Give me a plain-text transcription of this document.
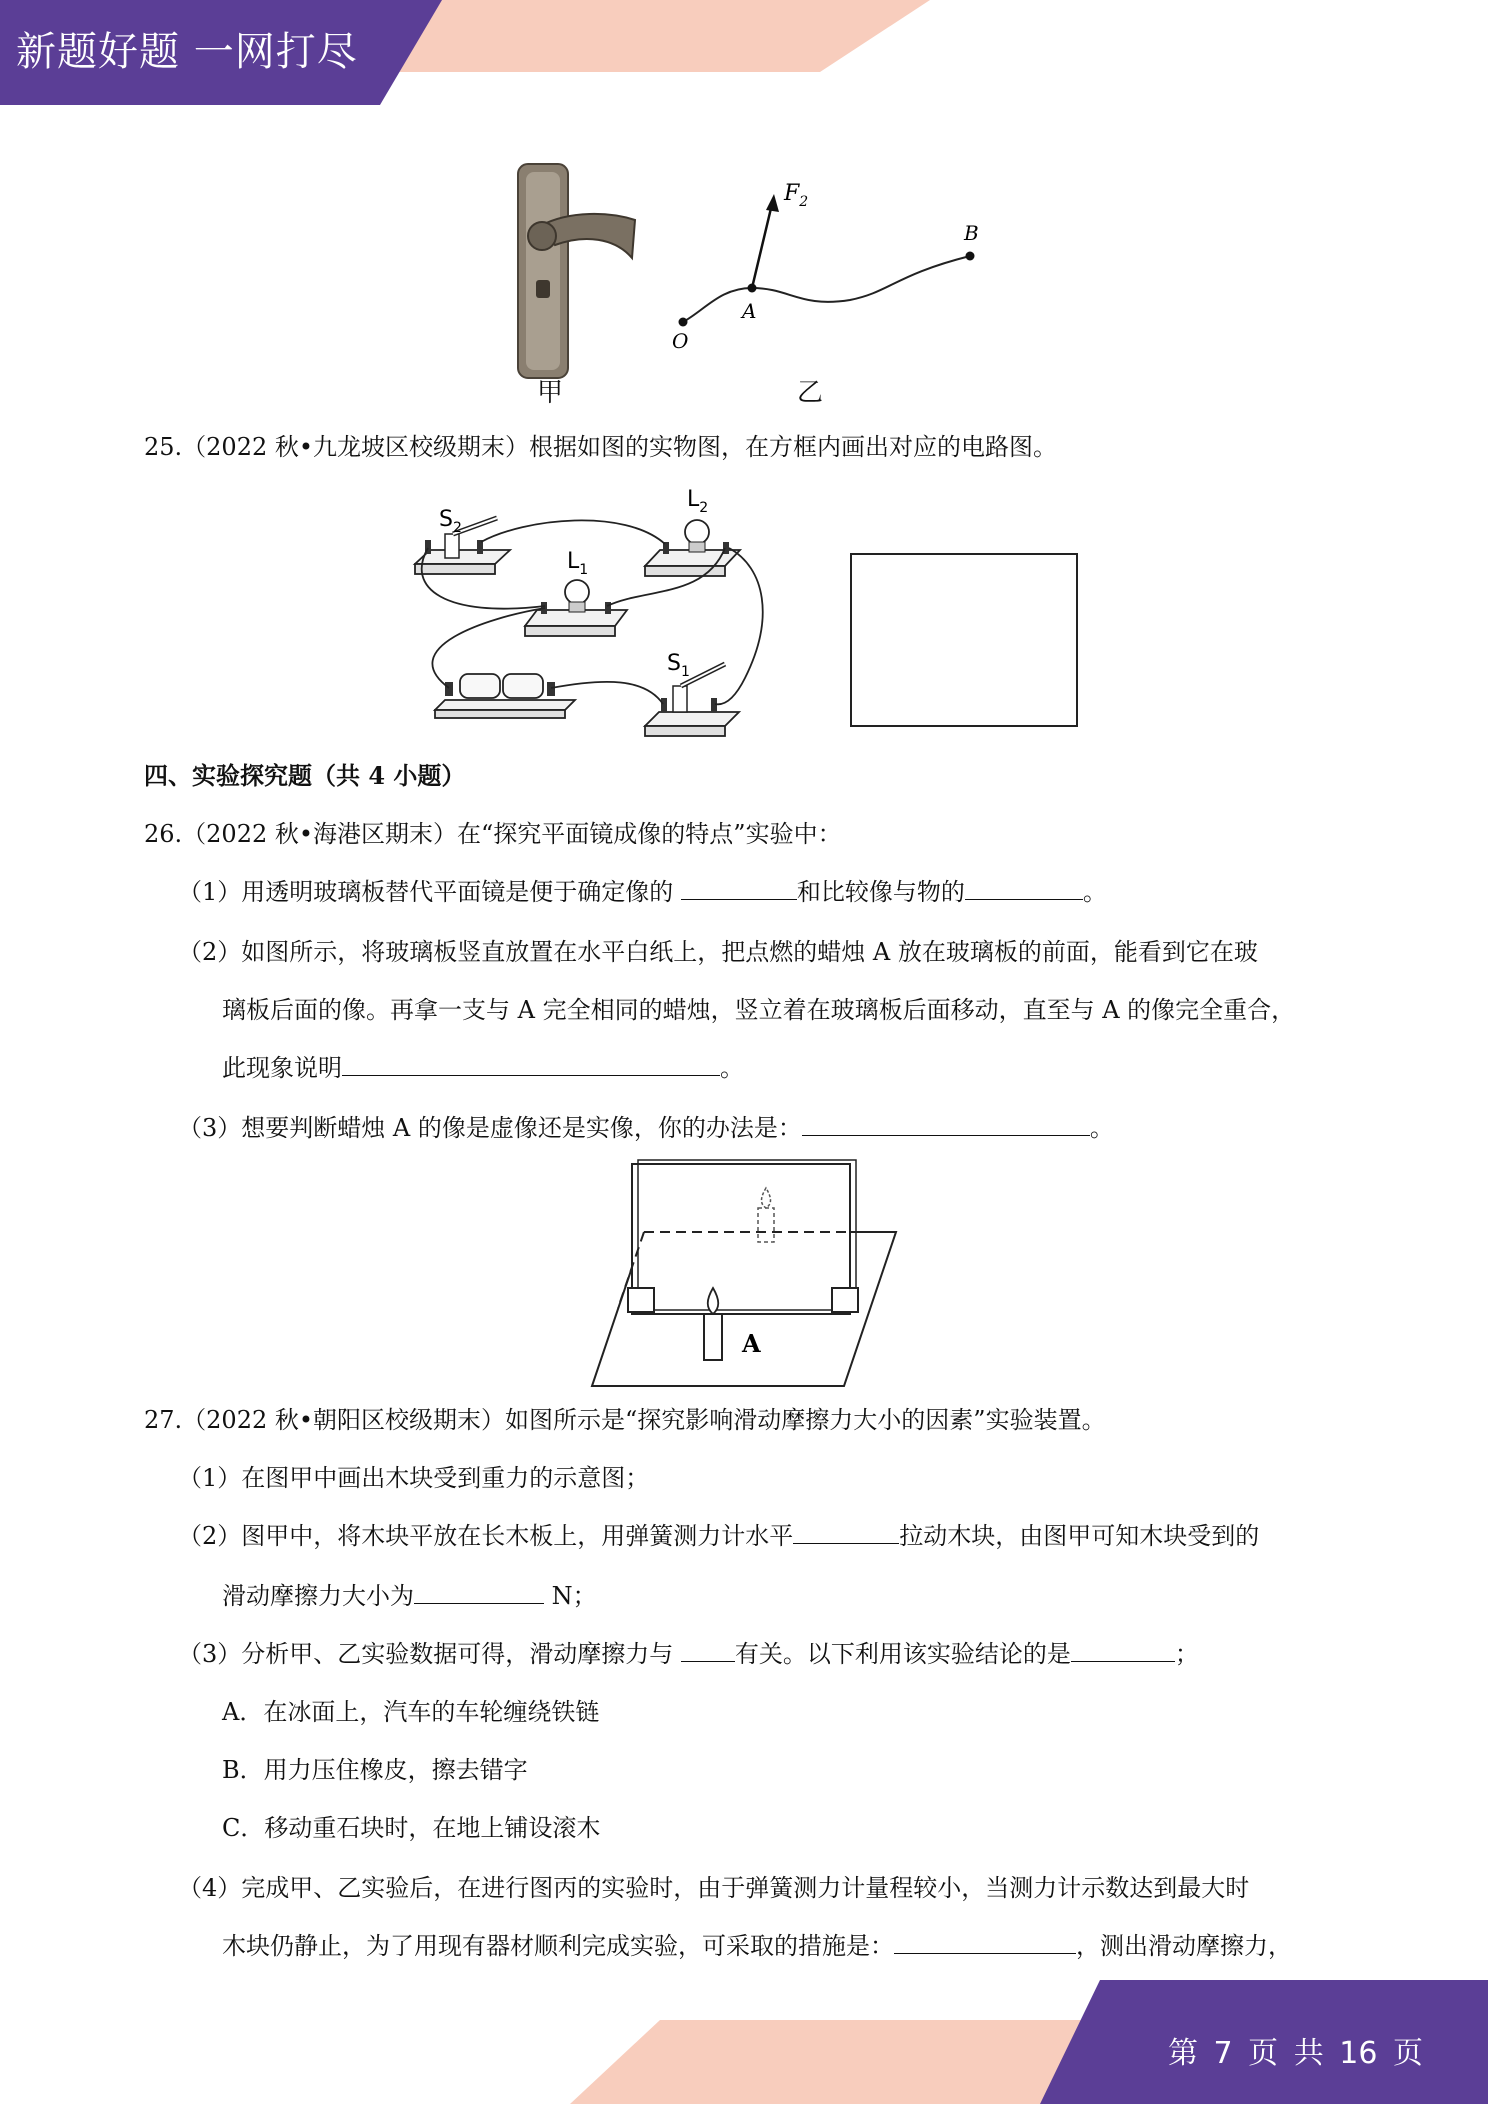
新题好题 一网打尽
第 7 页 共 16 页
$F_2$
A
B
O
甲	乙
25.（2022 秋•九龙坡区校级期末）根据如图的实物图，在方框内画出对应的电路图。
$S_2$
$L_2$
$L_1$
$S_1$
四、实验探究题（共 4 小题）
26.（2022 秋•海港区期末）在“探究平面镜成像的特点”实验中：
（1）用透明玻璃板替代平面镜是便于确定像的	和比较像与物的	。
（2）如图所示，将玻璃板竖直放置在水平白纸上，把点燃的蜡烛 A 放在玻璃板的前面，能看到它在玻
璃板后面的像。再拿一支与 A 完全相同的蜡烛，竖立着在玻璃板后面移动，直至与 A 的像完全重合，
此现象说明	。
（3）想要判断蜡烛 A 的像是虚像还是实像，你的办法是：	。
A
27.（2022 秋•朝阳区校级期末）如图所示是“探究影响滑动摩擦力大小的因素”实验装置。
（1）在图甲中画出木块受到重力的示意图；
（2）图甲中，将木块平放在长木板上，用弹簧测力计水平	拉动木块，由图甲可知木块受到的
滑动摩擦力大小为	N；
（3）分析甲、乙实验数据可得，滑动摩擦力与 有关。以下利用该实验结论的是	；
A．在冰面上，汽车的车轮缠绕铁链
B．用力压住橡皮，擦去错字
C．移动重石块时，在地上铺设滚木
（4）完成甲、乙实验后，在进行图丙的实验时，由于弹簧测力计量程较小，当测力计示数达到最大时
木块仍静止，为了用现有器材顺利完成实验，可采取的措施是：	，测出滑动摩擦力，
